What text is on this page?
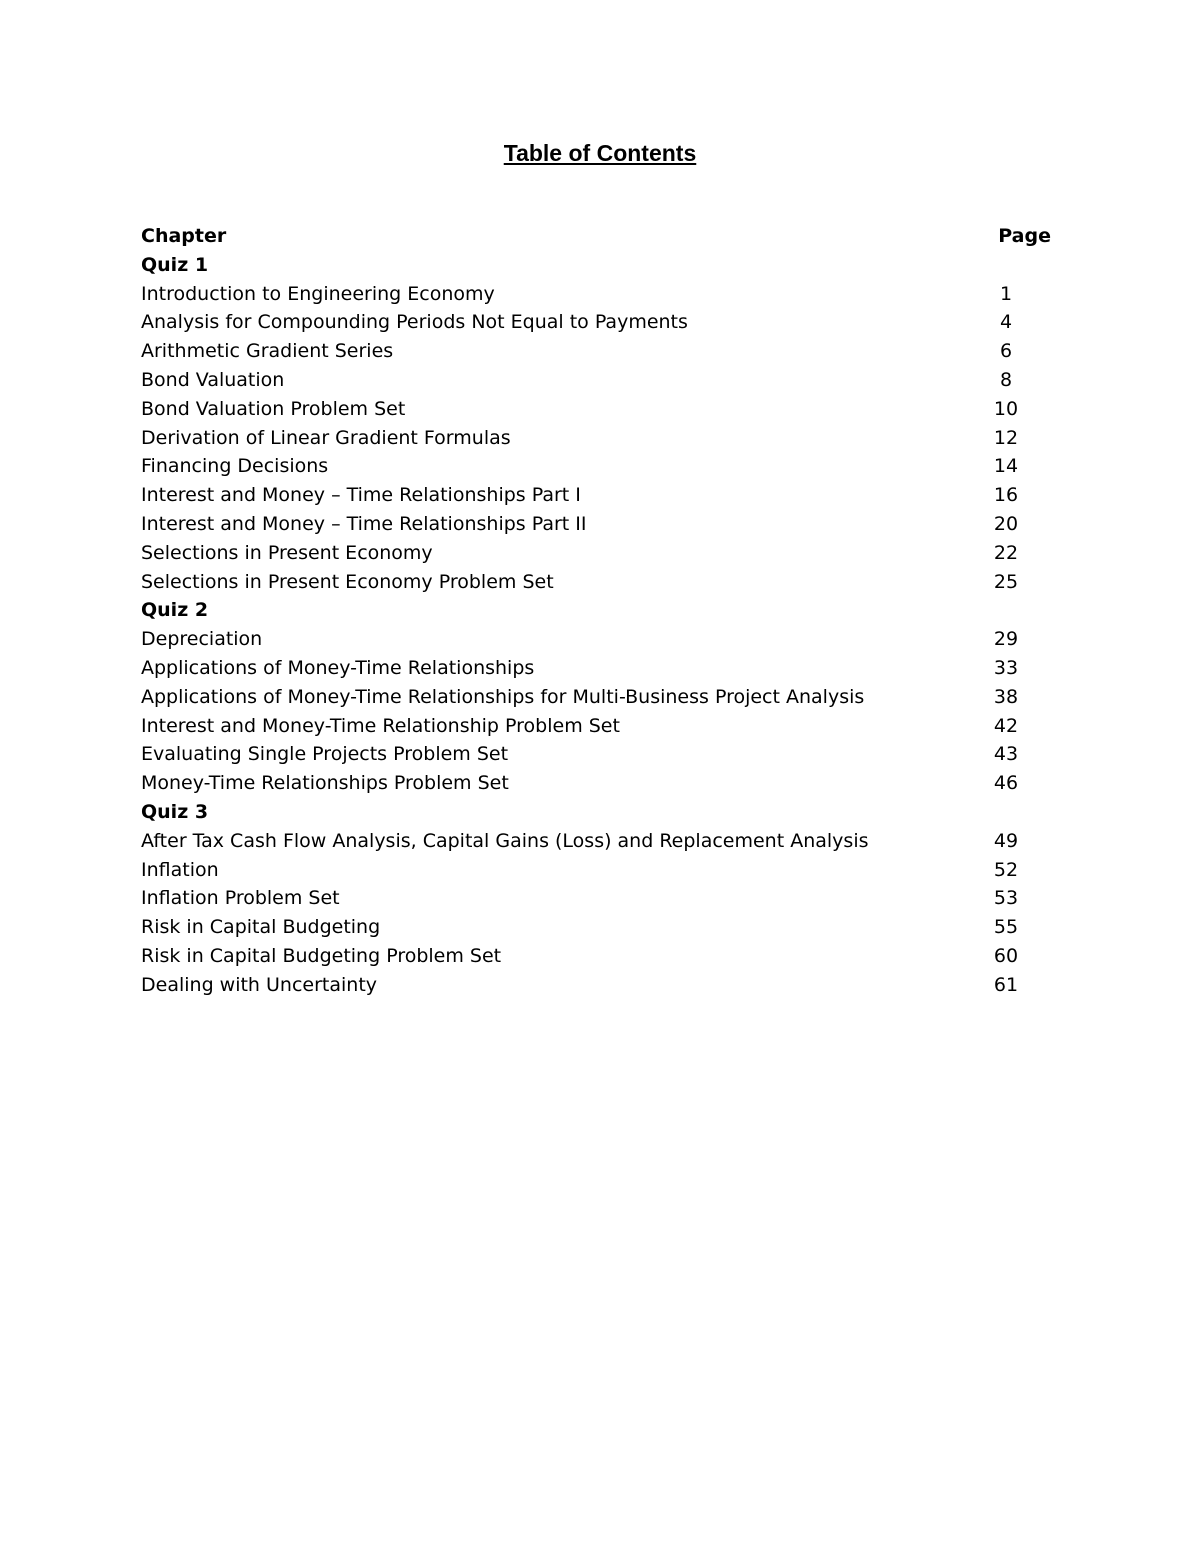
Table of Contents
Chapter	Page
Quiz 1
Introduction to Engineering Economy	1
Analysis for Compounding Periods Not Equal to Payments	4
Arithmetic Gradient Series	6
Bond Valuation	8
Bond Valuation Problem Set	10
Derivation of Linear Gradient Formulas	12
Financing Decisions	14
Interest and Money – Time Relationships Part I	16
Interest and Money – Time Relationships Part II	20
Selections in Present Economy	22
Selections in Present Economy Problem Set	25
Quiz 2
Depreciation	29
Applications of Money-Time Relationships	33
Applications of Money-Time Relationships for Multi-Business Project Analysis	38
Interest and Money-Time Relationship Problem Set	42
Evaluating Single Projects Problem Set	43
Money-Time Relationships Problem Set	46
Quiz 3
After Tax Cash Flow Analysis, Capital Gains (Loss) and Replacement Analysis	49
Inflation	52
Inflation Problem Set	53
Risk in Capital Budgeting	55
Risk in Capital Budgeting Problem Set	60
Dealing with Uncertainty	61
